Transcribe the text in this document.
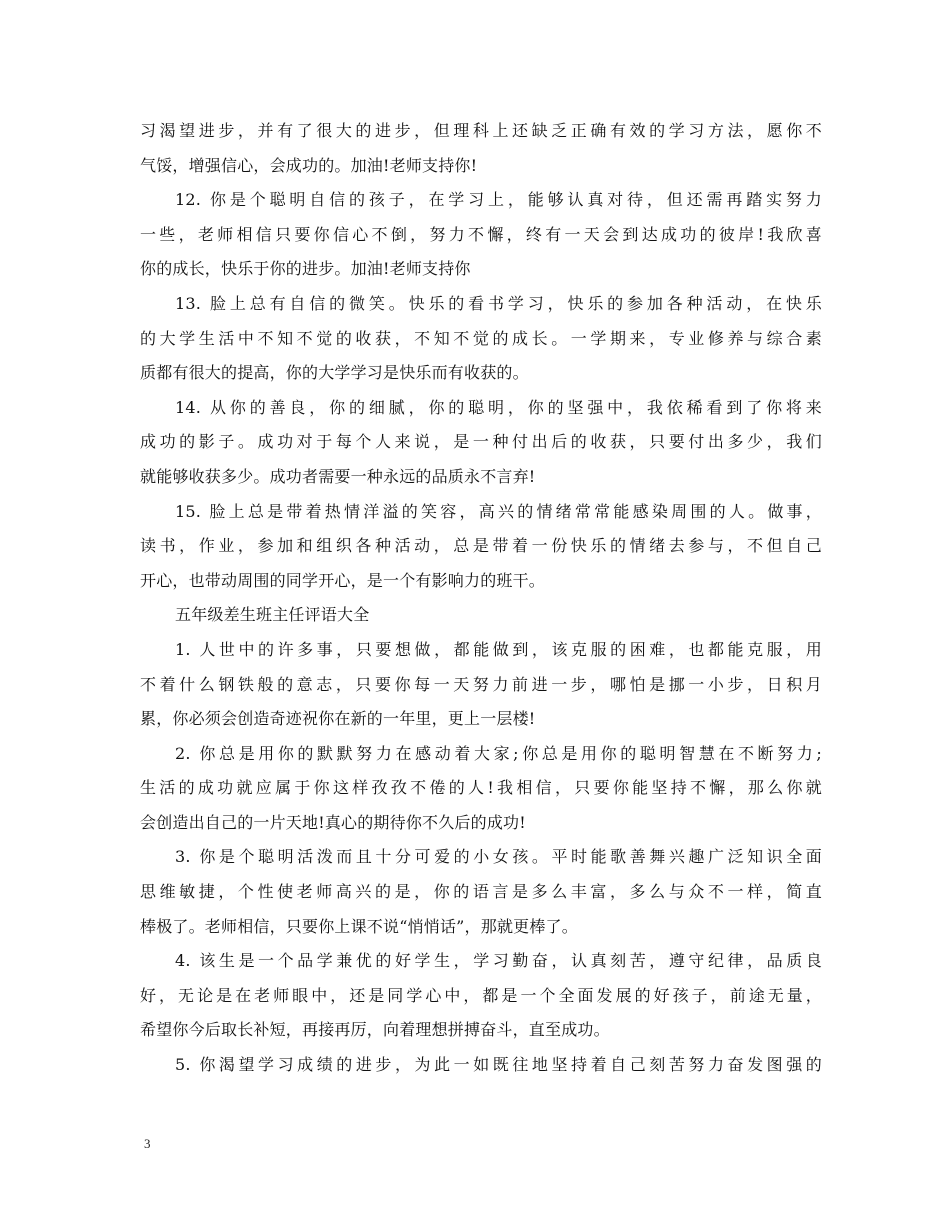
习渴望进步，并有了很大的进步，但理科上还缺乏正确有效的学习方法，愿你不
气馁，增强信心，会成功的。加油!老师支持你!
12. 你是个聪明自信的孩子，在学习上，能够认真对待，但还需再踏实努力
一些，老师相信只要你信心不倒，努力不懈，终有一天会到达成功的彼岸!我欣喜
你的成长，快乐于你的进步。加油!老师支持你
13. 脸上总有自信的微笑。快乐的看书学习，快乐的参加各种活动，在快乐
的大学生活中不知不觉的收获，不知不觉的成长。一学期来，专业修养与综合素
质都有很大的提高，你的大学学习是快乐而有收获的。
14. 从你的善良，你的细腻，你的聪明，你的坚强中，我依稀看到了你将来
成功的影子。成功对于每个人来说，是一种付出后的收获，只要付出多少，我们
就能够收获多少。成功者需要一种永远的品质永不言弃!
15. 脸上总是带着热情洋溢的笑容，高兴的情绪常常能感染周围的人。做事，
读书，作业，参加和组织各种活动，总是带着一份快乐的情绪去参与，不但自己
开心，也带动周围的同学开心，是一个有影响力的班干。
五年级差生班主任评语大全
1. 人世中的许多事，只要想做，都能做到，该克服的困难，也都能克服，用
不着什么钢铁般的意志，只要你每一天努力前进一步，哪怕是挪一小步，日积月
累，你必须会创造奇迹祝你在新的一年里，更上一层楼!
2. 你总是用你的默默努力在感动着大家;你总是用你的聪明智慧在不断努力;
生活的成功就应属于你这样孜孜不倦的人!我相信，只要你能坚持不懈，那么你就
会创造出自己的一片天地!真心的期待你不久后的成功!
3. 你是个聪明活泼而且十分可爱的小女孩。平时能歌善舞兴趣广泛知识全面
思维敏捷，个性使老师高兴的是，你的语言是多么丰富，多么与众不一样，简直
棒极了。老师相信，只要你上课不说“悄悄话”，那就更棒了。
4. 该生是一个品学兼优的好学生，学习勤奋，认真刻苦，遵守纪律，品质良
好，无论是在老师眼中，还是同学心中，都是一个全面发展的好孩子，前途无量，
希望你今后取长补短，再接再厉，向着理想拼搏奋斗，直至成功。
5. 你渴望学习成绩的进步，为此一如既往地坚持着自己刻苦努力奋发图强的
3
